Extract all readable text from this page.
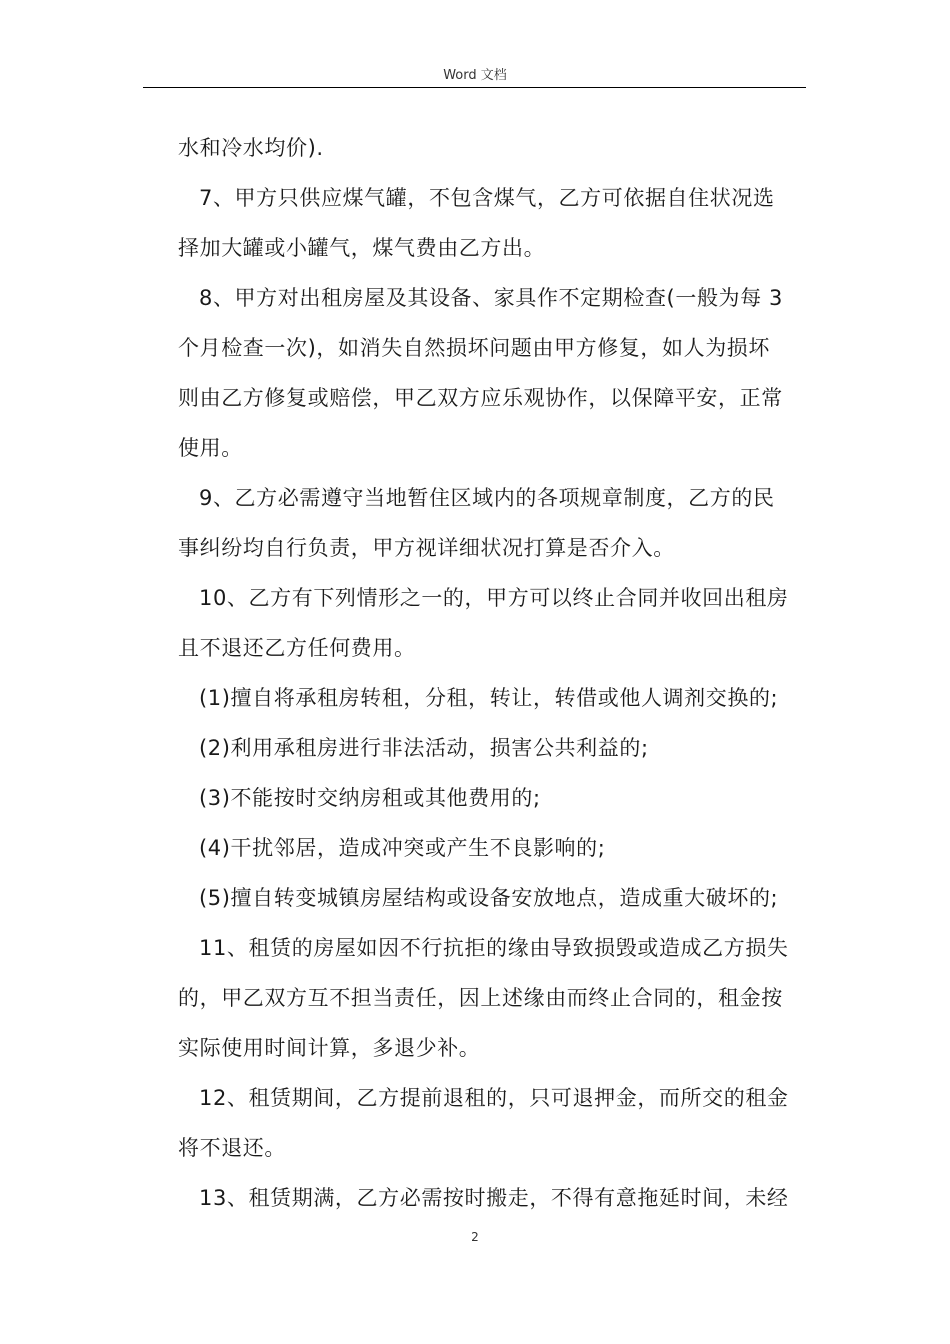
Word 文档
水和冷水均价).
7、甲方只供应煤气罐，不包含煤气，乙方可依据自住状况选
择加大罐或小罐气，煤气费由乙方出。
8、甲方对出租房屋及其设备、家具作不定期检查(一般为每 3
个月检查一次)，如消失自然损坏问题由甲方修复，如人为损坏
则由乙方修复或赔偿，甲乙双方应乐观协作，以保障平安，正常
使用。
9、乙方必需遵守当地暂住区域内的各项规章制度，乙方的民
事纠纷均自行负责，甲方视详细状况打算是否介入。
10、乙方有下列情形之一的，甲方可以终止合同并收回出租房
且不退还乙方任何费用。
(1)擅自将承租房转租，分租，转让，转借或他人调剂交换的;
(2)利用承租房进行非法活动，损害公共利益的;
(3)不能按时交纳房租或其他费用的;
(4)干扰邻居，造成冲突或产生不良影响的;
(5)擅自转变城镇房屋结构或设备安放地点，造成重大破坏的;
11、租赁的房屋如因不行抗拒的缘由导致损毁或造成乙方损失
的，甲乙双方互不担当责任，因上述缘由而终止合同的，租金按
实际使用时间计算，多退少补。
12、租赁期间，乙方提前退租的，只可退押金，而所交的租金
将不退还。
13、租赁期满，乙方必需按时搬走，不得有意拖延时间，未经
2
